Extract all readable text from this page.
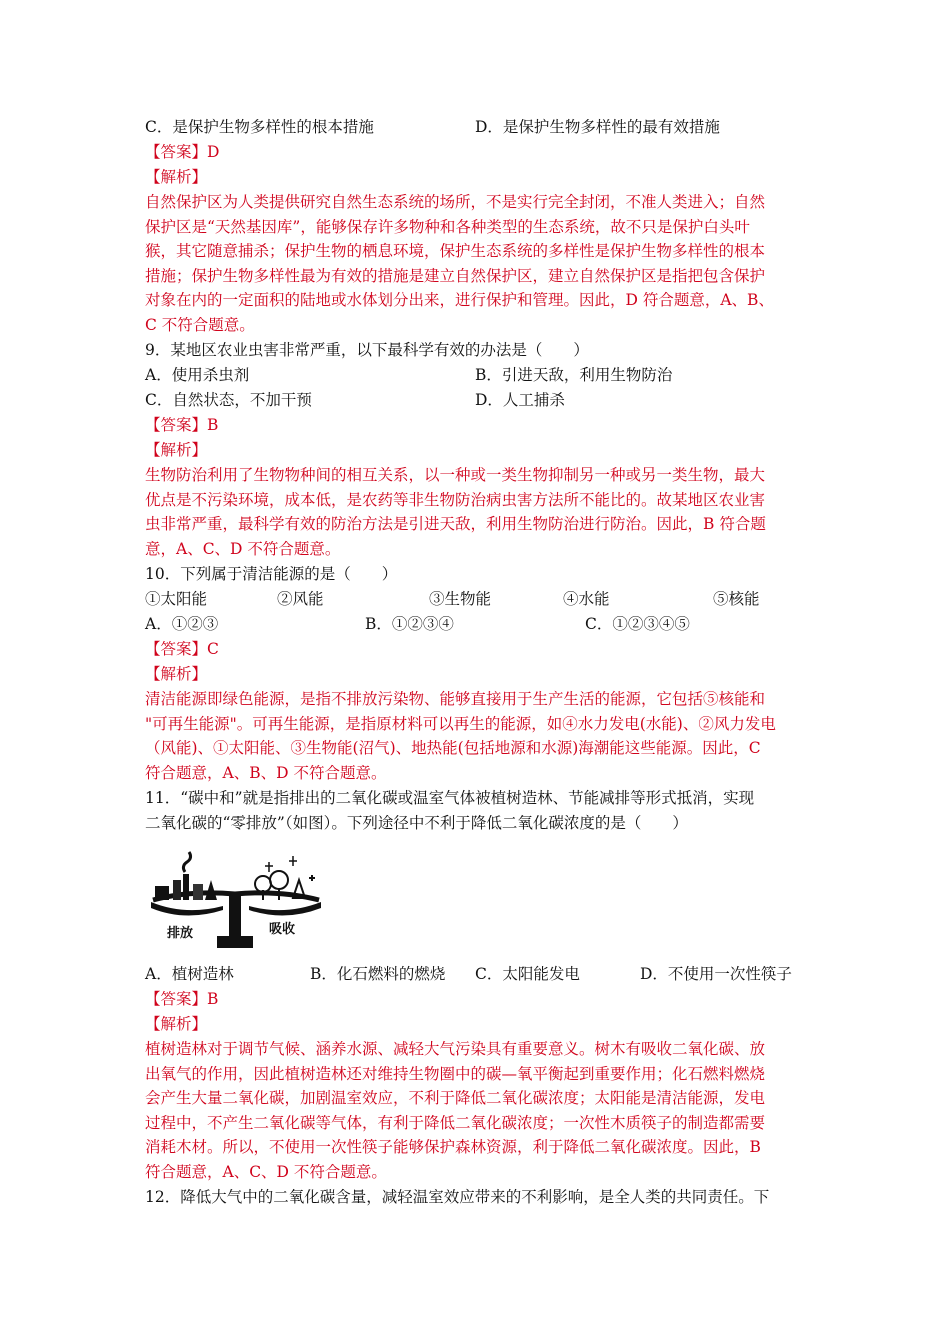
C．是保护生物多样性的根本措施	D．是保护生物多样性的最有效措施
【答案】D
【解析】
自然保护区为人类提供研究自然生态系统的场所，不是实行完全封闭，不准人类进入；自然
保护区是“天然基因库”，能够保存许多物种和各种类型的生态系统，故不只是保护白头叶
猴，其它随意捕杀；保护生物的栖息环境，保护生态系统的多样性是保护生物多样性的根本
措施；保护生物多样性最为有效的措施是建立自然保护区，建立自然保护区是指把包含保护
对象在内的一定面积的陆地或水体划分出来，进行保护和管理。因此，D 符合题意，A、B、
C 不符合题意。
9．某地区农业虫害非常严重，以下最科学有效的办法是（　　）
A．使用杀虫剂	B．引进天敌，利用生物防治
C．自然状态，不加干预	D．人工捕杀
【答案】B
【解析】
生物防治利用了生物物种间的相互关系，以一种或一类生物抑制另一种或另一类生物，最大
优点是不污染环境，成本低，是农药等非生物防治病虫害方法所不能比的。故某地区农业害
虫非常严重，最科学有效的防治方法是引进天敌，利用生物防治进行防治。因此，B 符合题
意，A、C、D 不符合题意。
10．下列属于清洁能源的是（　　）
①太阳能	②风能	③生物能	④水能	⑤核能
A．①②③	B．①②③④	C．①②③④⑤
【答案】C
【解析】
清洁能源即绿色能源，是指不排放污染物、能够直接用于生产生活的能源，它包括⑤核能和
"可再生能源"。可再生能源，是指原材料可以再生的能源，如④水力发电(水能)、②风力发电
（风能)、①太阳能、③生物能(沼气)、地热能(包括地源和水源)海潮能这些能源。因此，C
符合题意，A、B、D 不符合题意。
11．“碳中和”就是指排出的二氧化碳或温室气体被植树造林、节能减排等形式抵消，实现
二氧化碳的“零排放”（如图）。下列途径中不利于降低二氧化碳浓度的是（　　）
排放	吸收
A．植树造林	B．化石燃料的燃烧 C．太阳能发电	D．不使用一次性筷子
【答案】B
【解析】
植树造林对于调节气候、涵养水源、减轻大气污染具有重要意义。树木有吸收二氧化碳、放
出氧气的作用，因此植树造林还对维持生物圈中的碳—氧平衡起到重要作用；化石燃料燃烧
会产生大量二氧化碳，加剧温室效应，不利于降低二氧化碳浓度；太阳能是清洁能源，发电
过程中，不产生二氧化碳等气体，有利于降低二氧化碳浓度；一次性木质筷子的制造都需要
消耗木材。所以，不使用一次性筷子能够保护森林资源，利于降低二氧化碳浓度。因此，B
符合题意，A、C、D 不符合题意。
12．降低大气中的二氧化碳含量，减轻温室效应带来的不利影响，是全人类的共同责任。下
